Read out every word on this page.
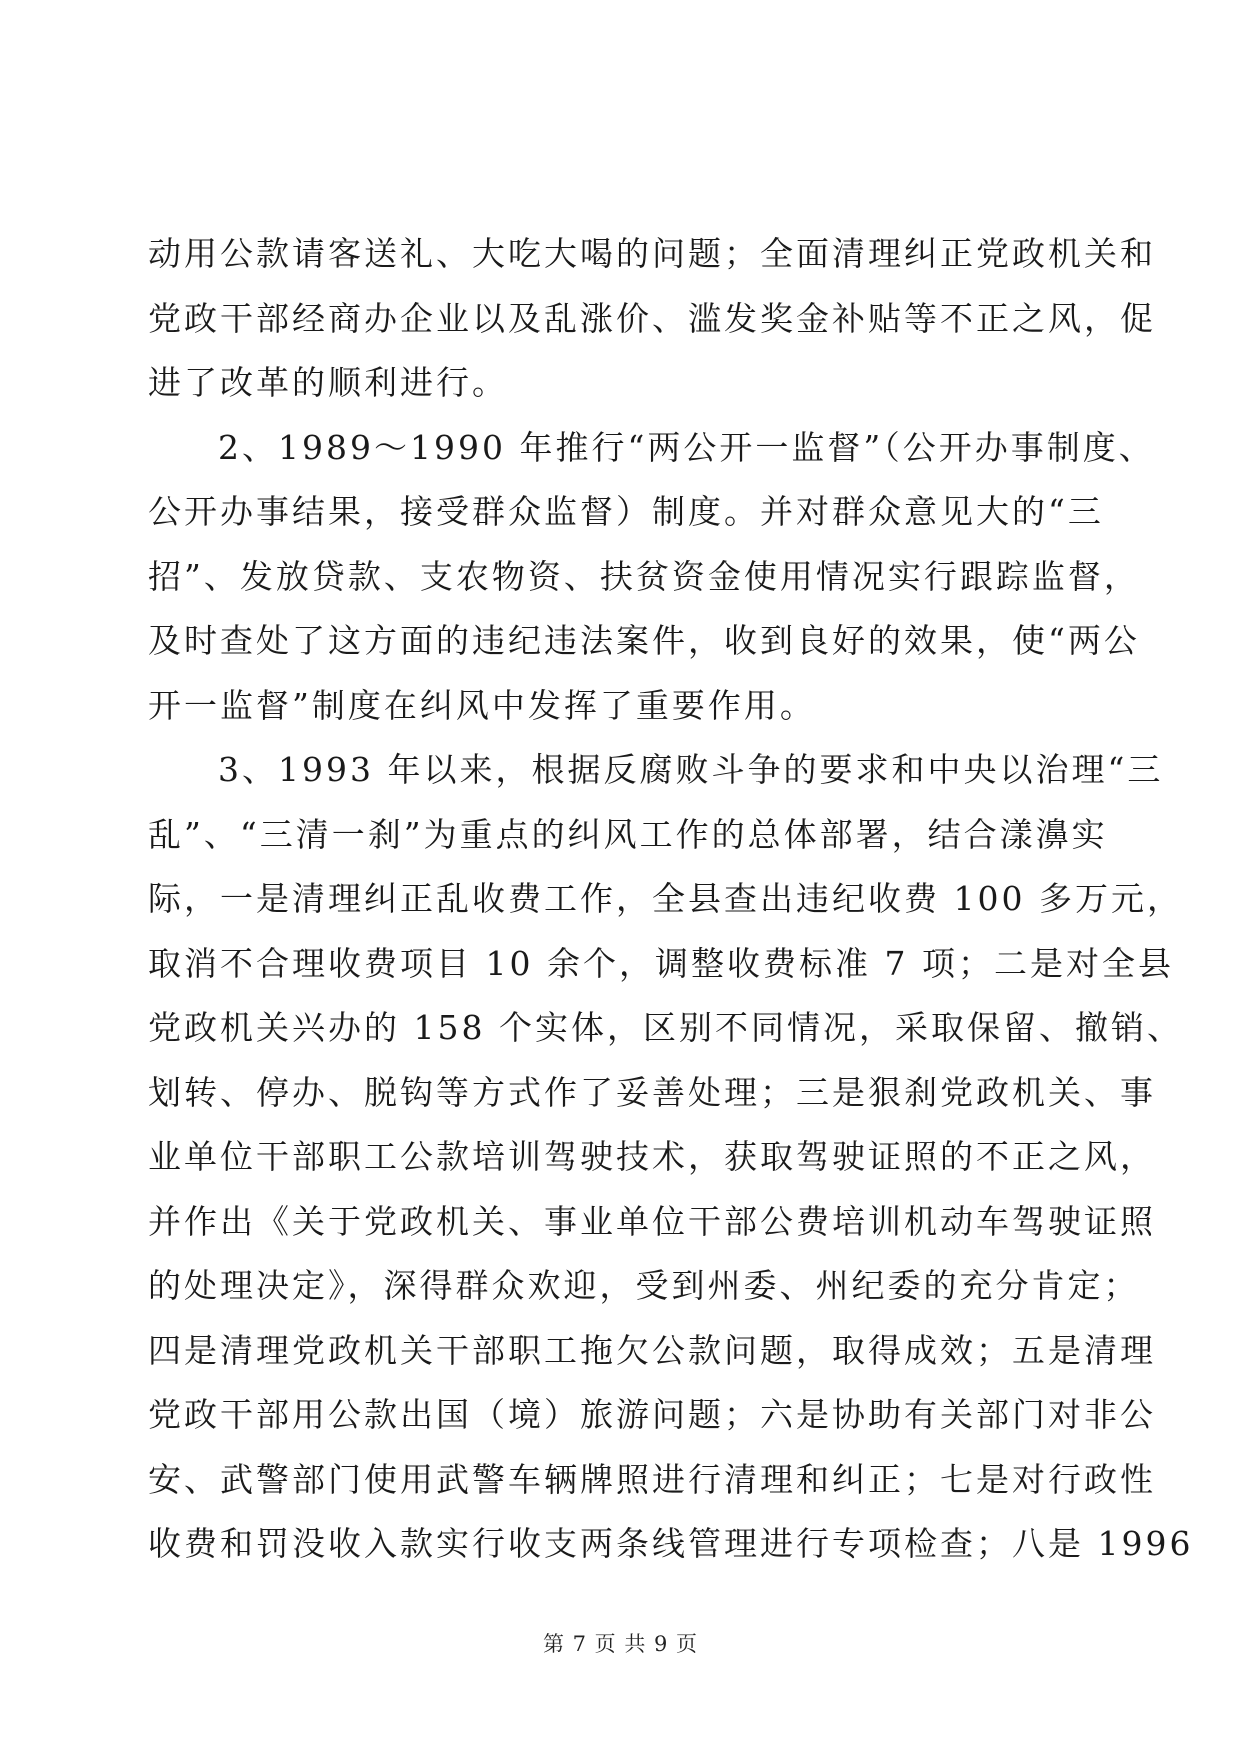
动用公款请客送礼、大吃大喝的问题；全面清理纠正党政机关和
党政干部经商办企业以及乱涨价、滥发奖金补贴等不正之风，促
进了改革的顺利进行。
2、1989～1990 年推行“两公开一监督”（公开办事制度、
公开办事结果，接受群众监督）制度。并对群众意见大的“三
招”、发放贷款、支农物资、扶贫资金使用情况实行跟踪监督，
及时查处了这方面的违纪违法案件，收到良好的效果，使“两公
开一监督”制度在纠风中发挥了重要作用。
3、1993 年以来，根据反腐败斗争的要求和中央以治理“三
乱”、“三清一刹”为重点的纠风工作的总体部署，结合漾濞实
际，一是清理纠正乱收费工作，全县查出违纪收费 100 多万元，
取消不合理收费项目 10 余个，调整收费标准 7 项；二是对全县
党政机关兴办的 158 个实体，区别不同情况，采取保留、撤销、
划转、停办、脱钩等方式作了妥善处理；三是狠刹党政机关、事
业单位干部职工公款培训驾驶技术，获取驾驶证照的不正之风，
并作出《关于党政机关、事业单位干部公费培训机动车驾驶证照
的处理决定》，深得群众欢迎，受到州委、州纪委的充分肯定；
四是清理党政机关干部职工拖欠公款问题，取得成效；五是清理
党政干部用公款出国（境）旅游问题；六是协助有关部门对非公
安、武警部门使用武警车辆牌照进行清理和纠正；七是对行政性
收费和罚没收入款实行收支两条线管理进行专项检查；八是 1996
第 7 页 共 9 页
